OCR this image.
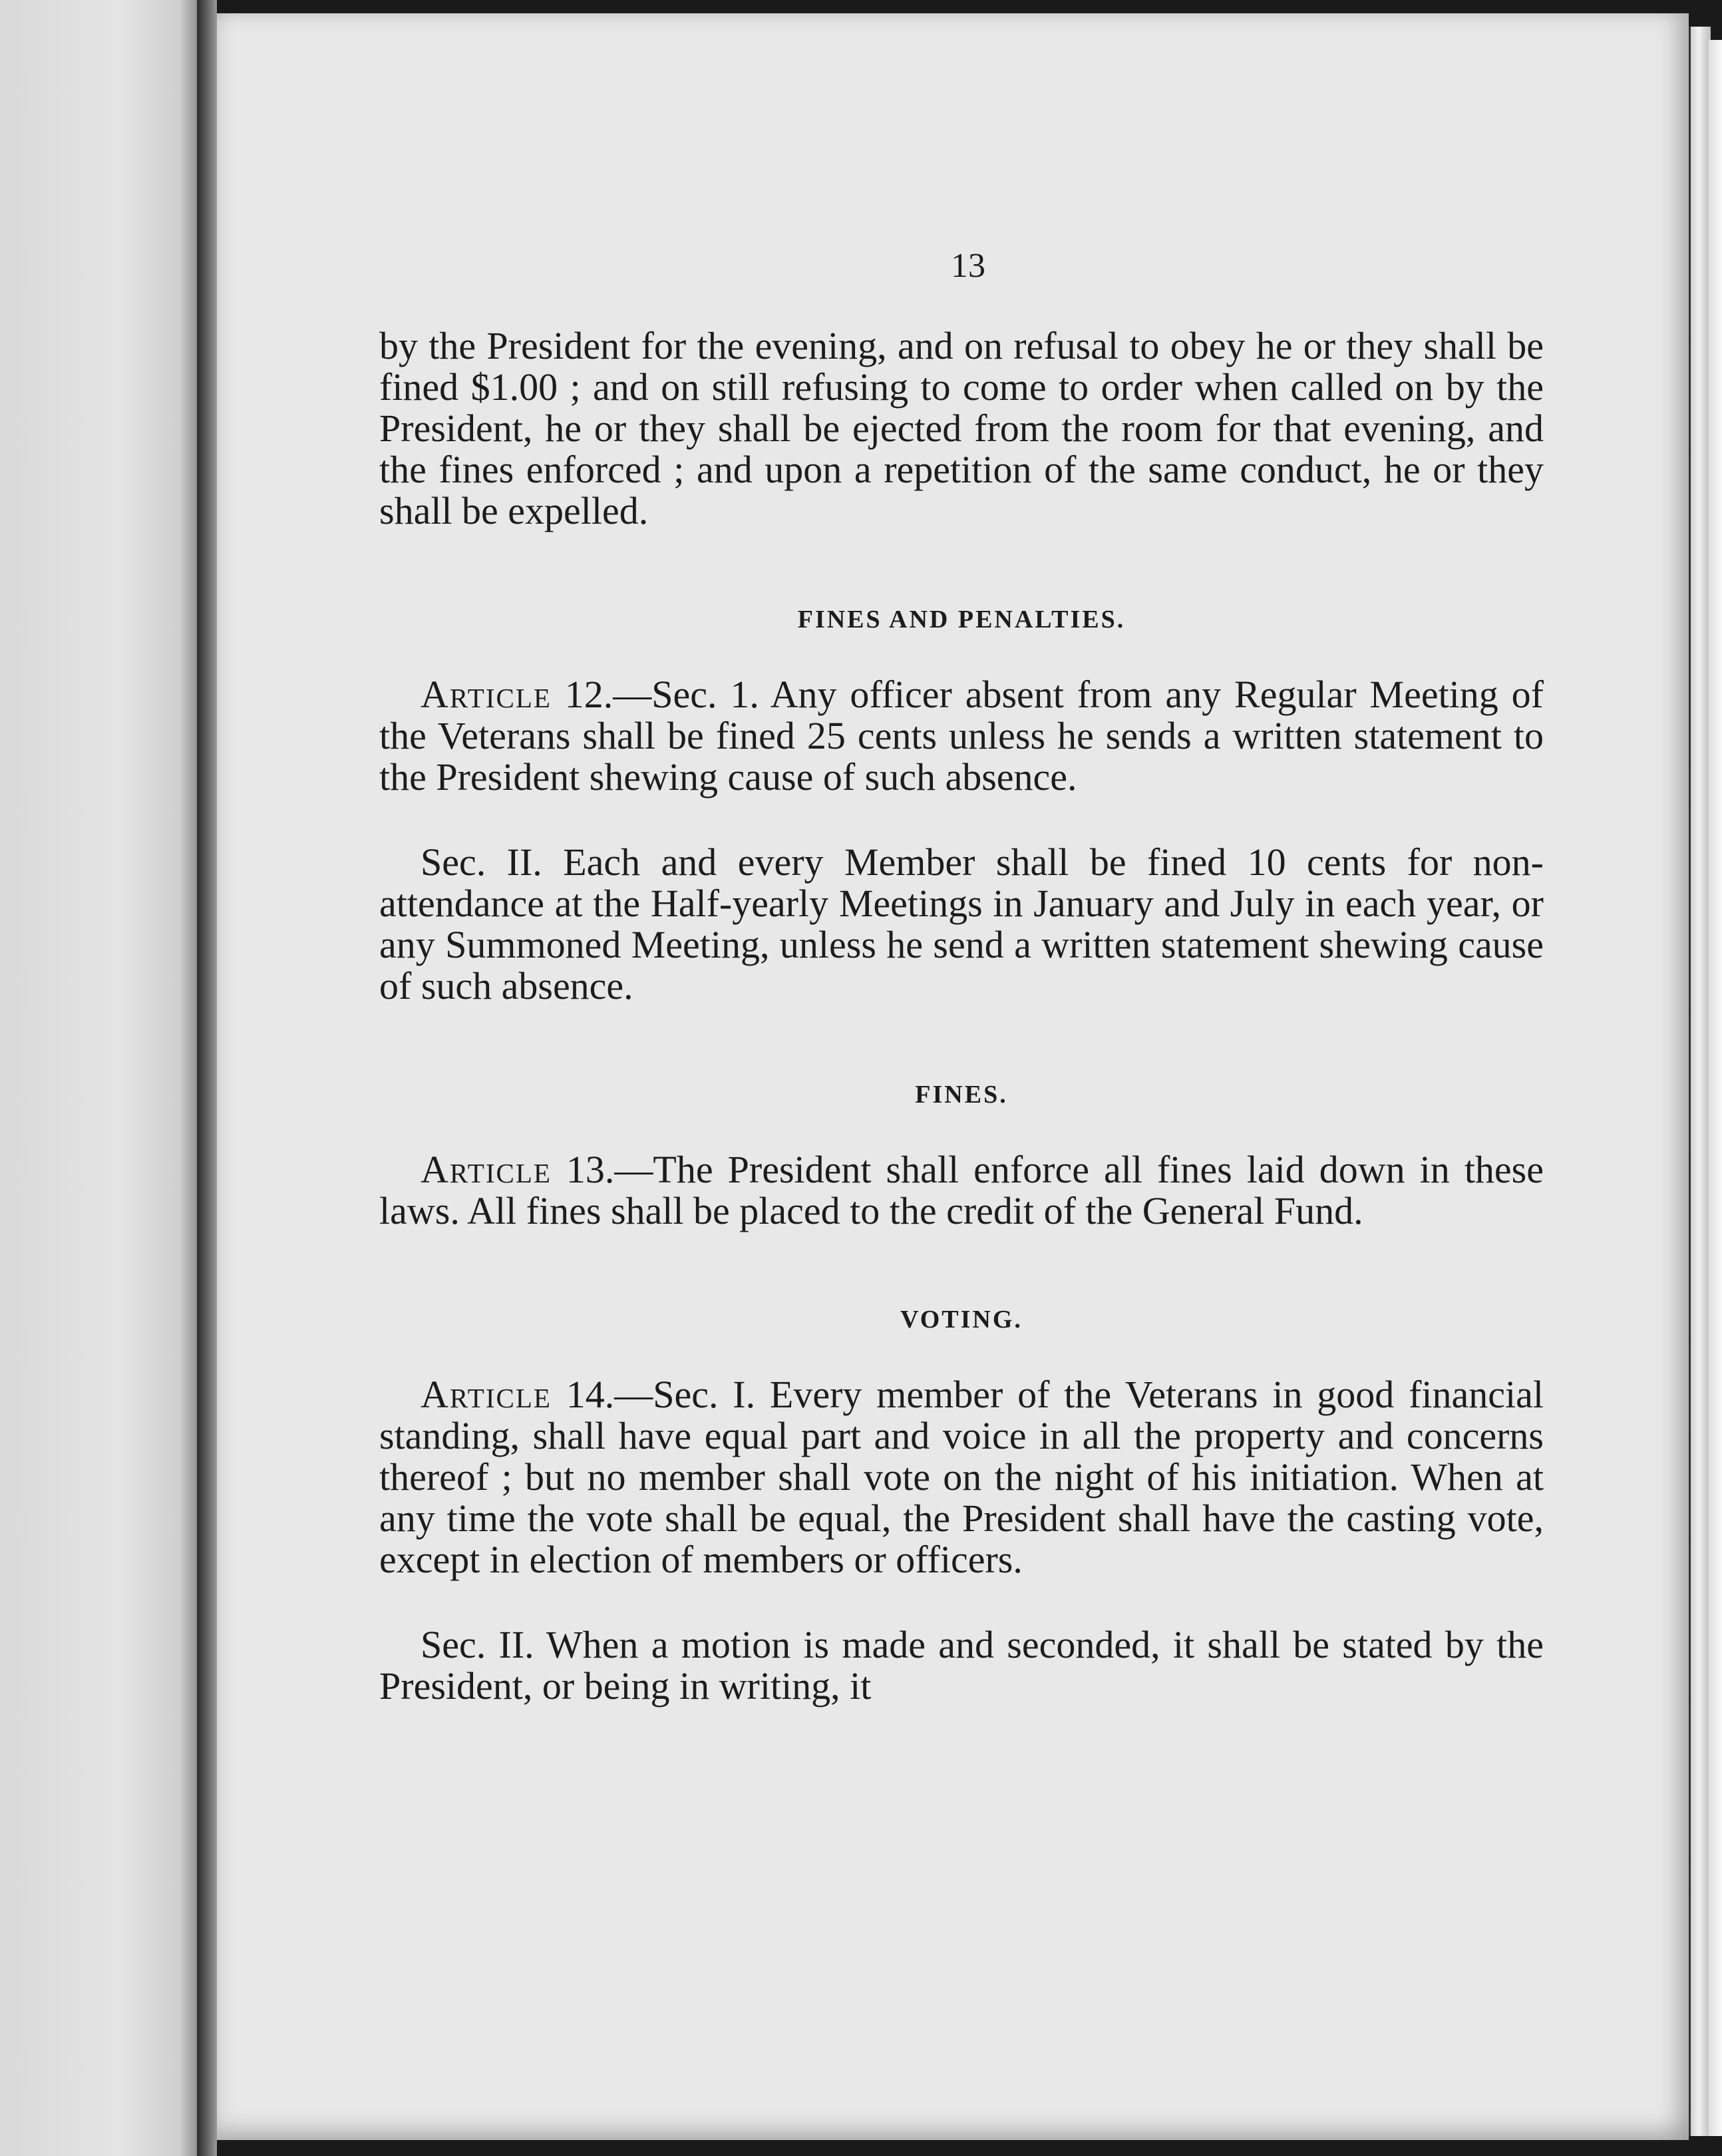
13

by the President for the evening, and on refusal to obey he or they shall be fined $1.00 ; and on still refusing to come to order when called on by the President, he or they shall be ejected from the room for that evening, and the fines enforced ; and upon a repetition of the same conduct, he or they shall be expelled.

FINES AND PENALTIES.

Article 12.—Sec. 1. Any officer absent from any Regular Meeting of the Veterans shall be fined 25 cents unless he sends a written statement to the President shewing cause of such absence.

Sec. II. Each and every Member shall be fined 10 cents for non-attendance at the Half-yearly Meetings in January and July in each year, or any Summoned Meeting, unless he send a written statement shewing cause of such absence.

FINES.

Article 13.—The President shall enforce all fines laid down in these laws. All fines shall be placed to the credit of the General Fund.

VOTING.

Article 14.—Sec. I. Every member of the Veterans in good financial standing, shall have equal part and voice in all the property and concerns thereof ; but no member shall vote on the night of his initiation. When at any time the vote shall be equal, the President shall have the casting vote, except in election of members or officers.

Sec. II. When a motion is made and seconded, it shall be stated by the President, or being in writing, it
